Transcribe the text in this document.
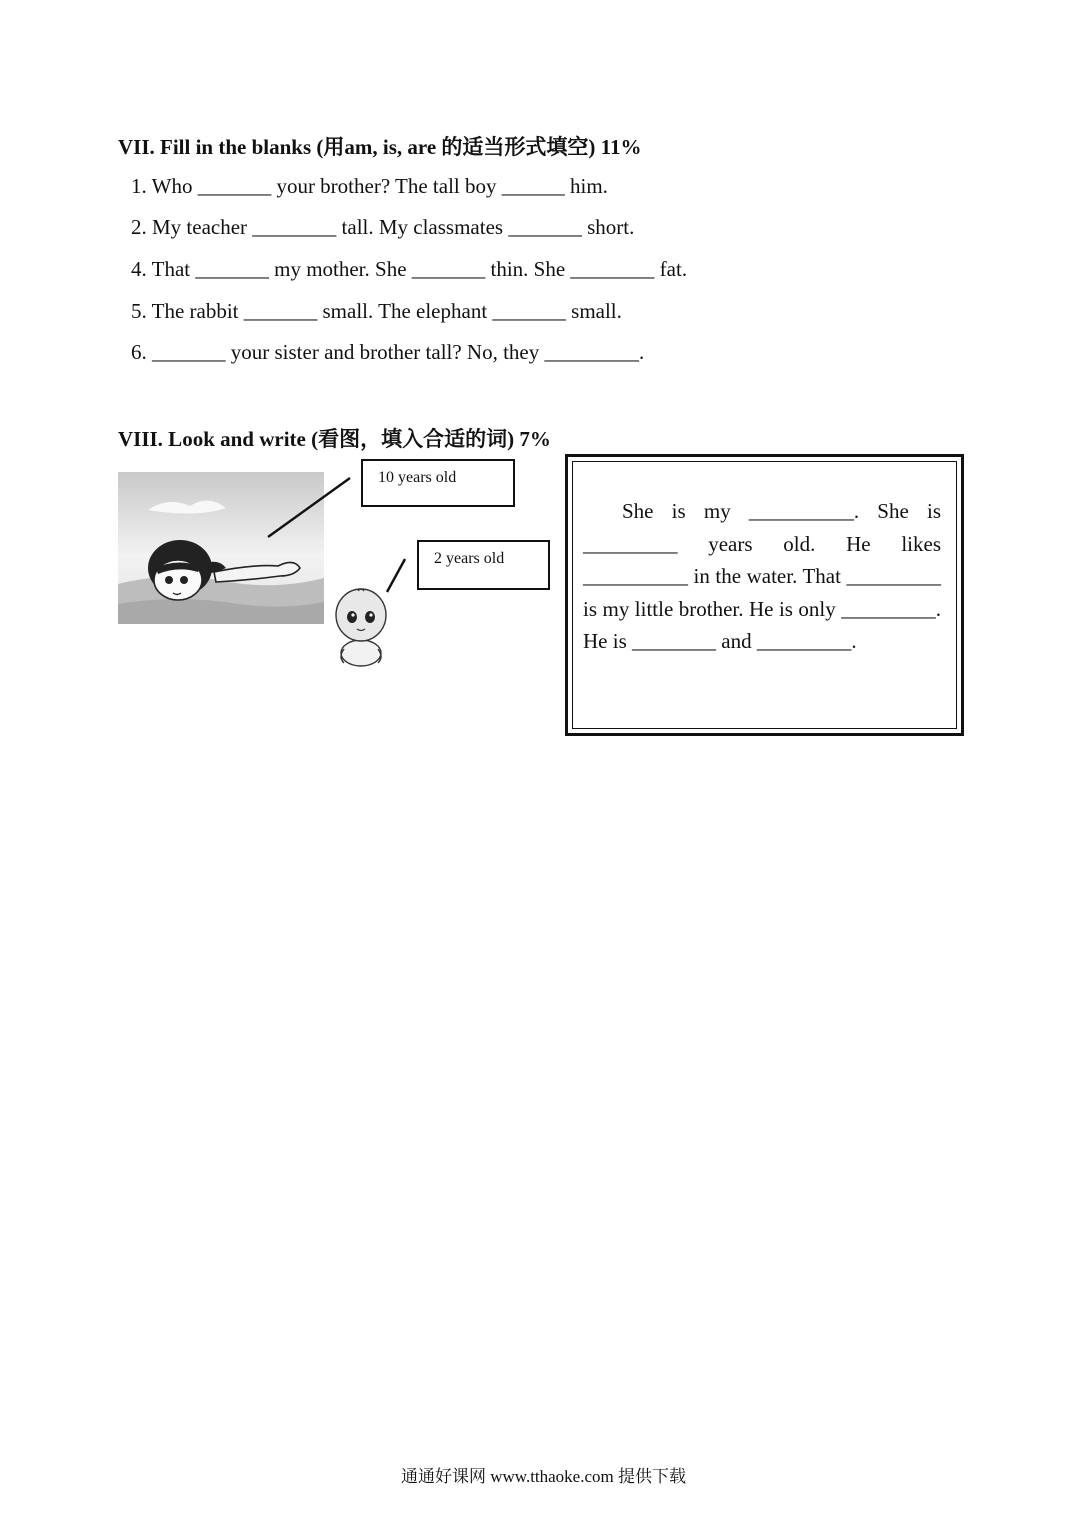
VII. Fill in the blanks (用am, is, are 的适当形式填空) 11%
1. Who _______ your brother? The tall boy ______ him.
2. My teacher ________ tall. My classmates _______ short.
4. That _______ my mother. She _______ thin. She ________ fat.
5. The rabbit _______ small. The elephant _______ small.
6. _______ your sister and brother tall? No, they _________.
VIII. Look and write (看图，填入合适的词) 7%
10 years old
2 years old
She is my __________. She is _________ years old. He likes __________ in the water. That _________ is my little brother. He is only _________. He is ________ and _________.
通通好课网 www.tthaoke.com 提供下载
